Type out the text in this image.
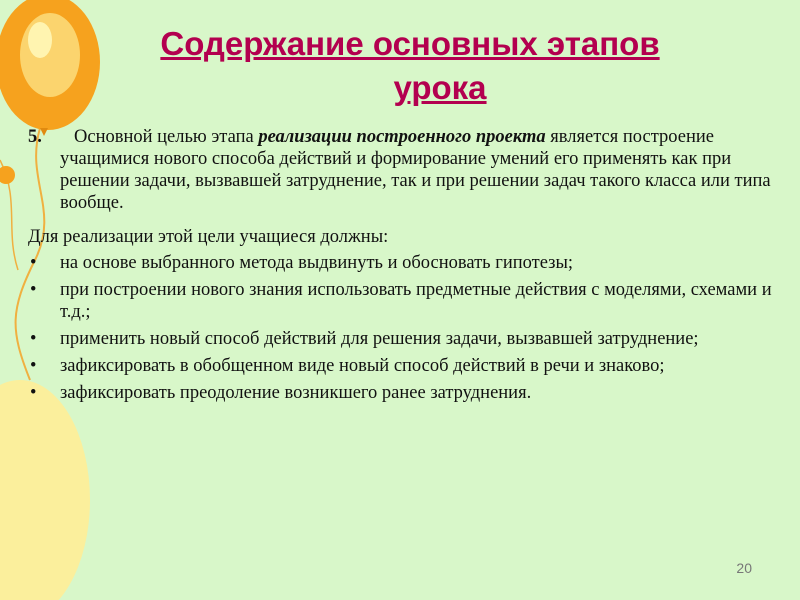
Содержание основных этапов
урока

5. Основной целью этапа реализации построенного проекта является построение учащимися нового способа действий и формирование умений его применять как при решении задачи, вызвавшей затруднение, так и при решении задач такого класса или типа вообще.

Для реализации этой цели учащиеся должны:

• на основе выбранного метода выдвинуть и обосновать гипотезы;
• при построении нового знания использовать предметные действия с моделями, схемами и т.д.;
• применить новый способ действий для решения задачи, вызвавшей затруднение;
• зафиксировать в обобщенном виде новый способ действий в речи и знаково;
• зафиксировать преодоление возникшего ранее затруднения.
20
